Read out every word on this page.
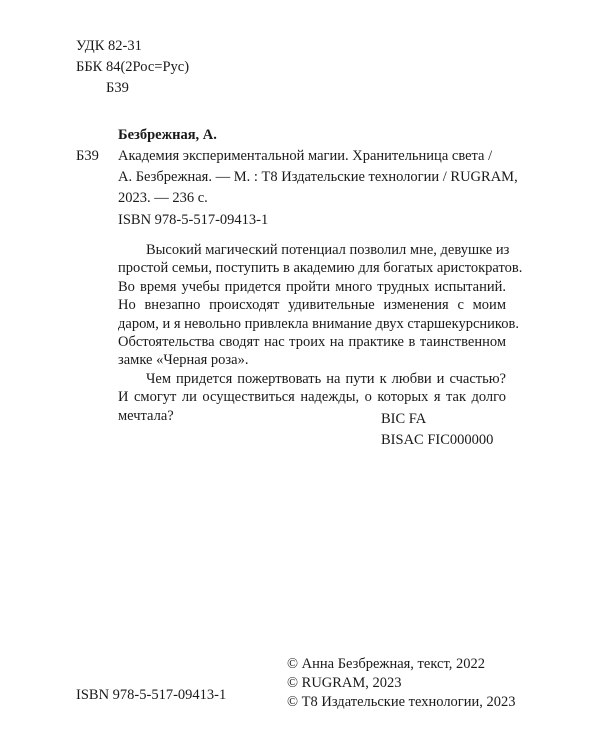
УДК 82-31
ББК 84(2Рос=Рус)
Б39
Безбрежная, А.
Б39 Академия экспериментальной магии. Хранительница света /
А. Безбрежная. — М. : Т8 Издательские технологии / RUGRAM,
2023. — 236 с.
ISBN 978-5-517-09413-1
Высокий магический потенциал позволил мне, девушке из
простой семьи, поступить в академию для богатых аристократов.
Во время учебы придется пройти много трудных испытаний.
Но внезапно происходят удивительные изменения с моим
даром, и я невольно привлекла внимание двух старшекурсников.
Обстоятельства сводят нас троих на практике в таинственном
замке «Черная роза».
Чем придется пожертвовать на пути к любви и счастью?
И смогут ли осуществиться надежды, о которых я так долго
мечтала?	BIC FA
BISAC FIC000000
ISBN 978-5-517-09413-1
© Анна Безбрежная, текст, 2022
© RUGRAM, 2023
© Т8 Издательские технологии, 2023
